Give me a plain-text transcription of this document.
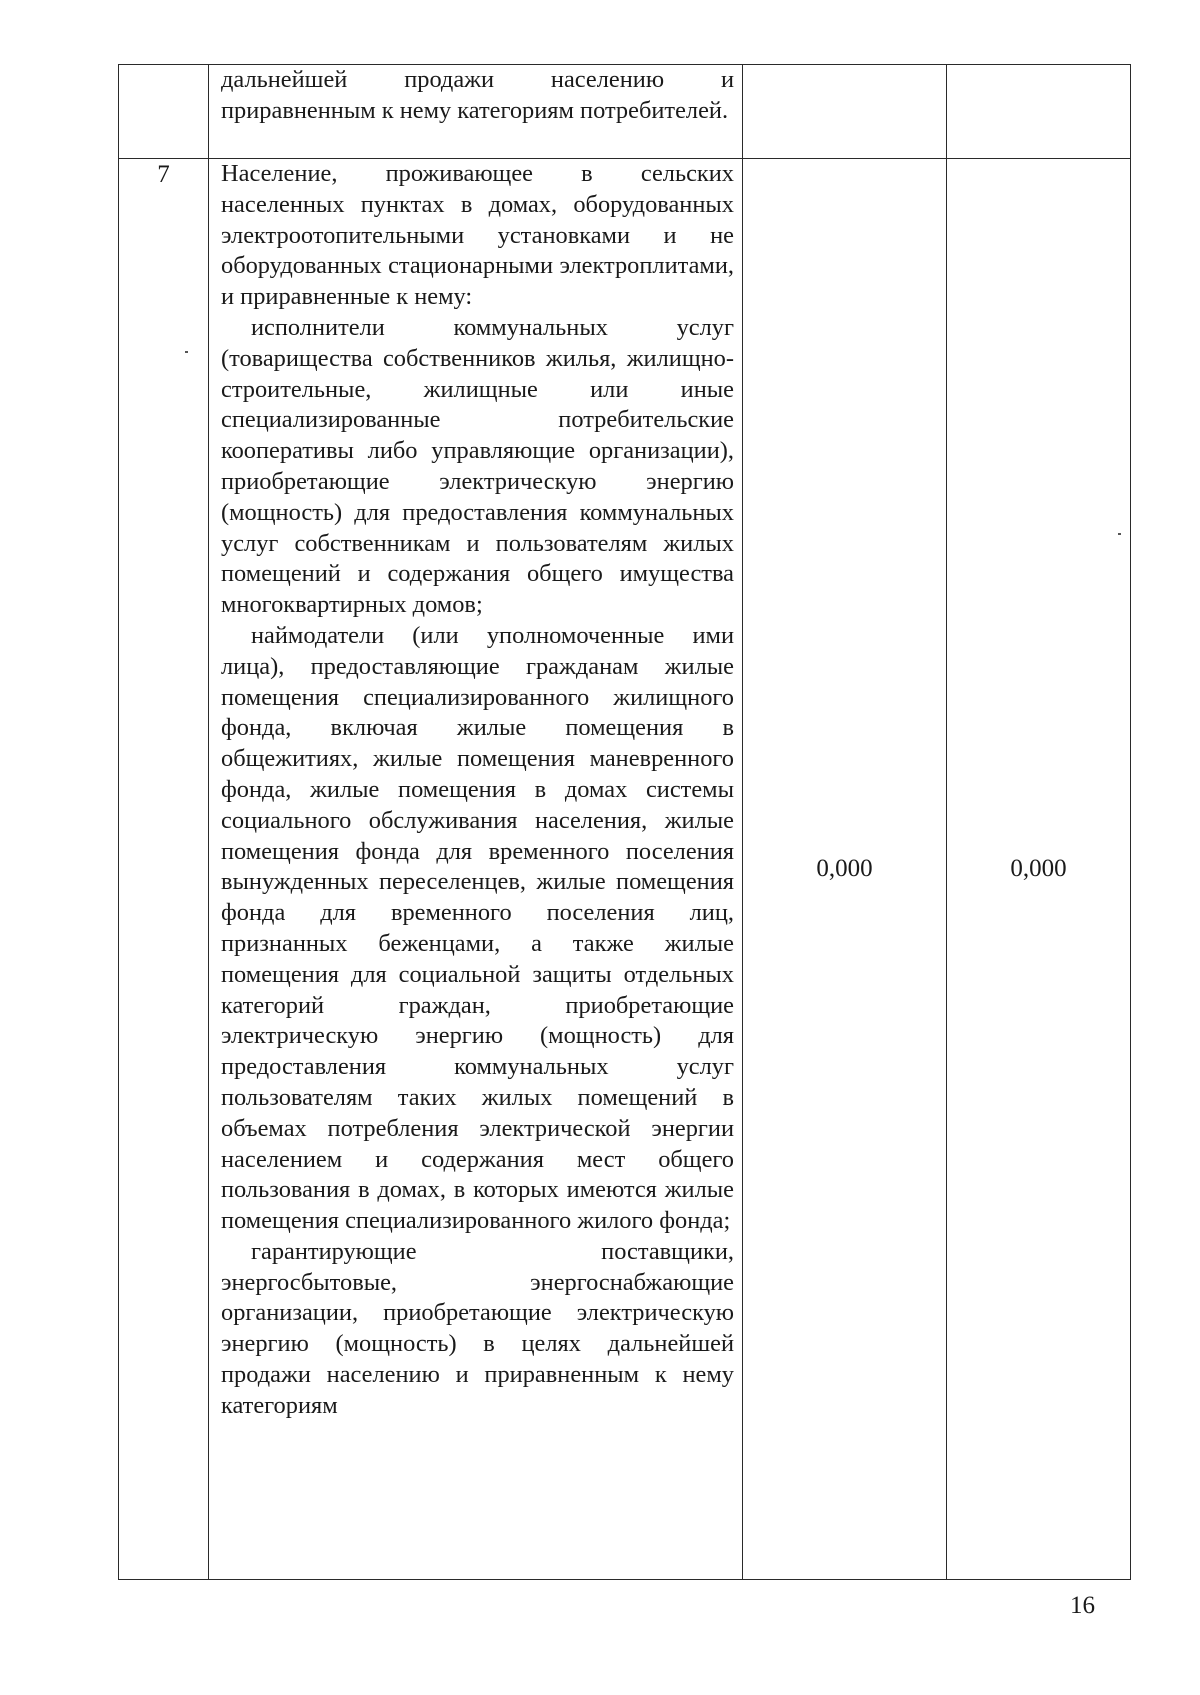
	дальнейшей продажи населению и приравненным к нему категориям потребителей.		

7	Население, проживающее в сельских населенных пунктах в домах, оборудованных электроотопительными установками и не оборудованных стационарными электроплитами, и приравненные к нему:

исполнители коммунальных услуг (товарищества собственников жилья, жилищно-строительные, жилищные или иные специализированные потребительские кооперативы либо управляющие организации), приобретающие электрическую энергию (мощность) для предоставления коммунальных услуг собственникам и пользователям жилых помещений и содержания общего имущества многоквартирных домов;

наймодатели (или уполномоченные ими лица), предоставляющие гражданам жилые помещения специализированного жилищного фонда, включая жилые помещения в общежитиях, жилые помещения маневренного фонда, жилые помещения в домах системы социального обслуживания населения, жилые помещения фонда для временного поселения вынужденных переселенцев, жилые помещения фонда для временного поселения лиц, признанных беженцами, а также жилые помещения для социальной защиты отдельных категорий граждан, приобретающие электрическую энергию (мощность) для предоставления коммунальных услуг пользователям таких жилых помещений в объемах потребления электрической энергии населением и содержания мест общего пользования в домах, в которых имеются жилые помещения специализированного жилого фонда;

гарантирующие поставщики, энергосбытовые, энергоснабжающие организации, приобретающие электрическую энергию (мощность) в целях дальнейшей продажи населению и приравненным к нему категориям	0,000	0,000
16
